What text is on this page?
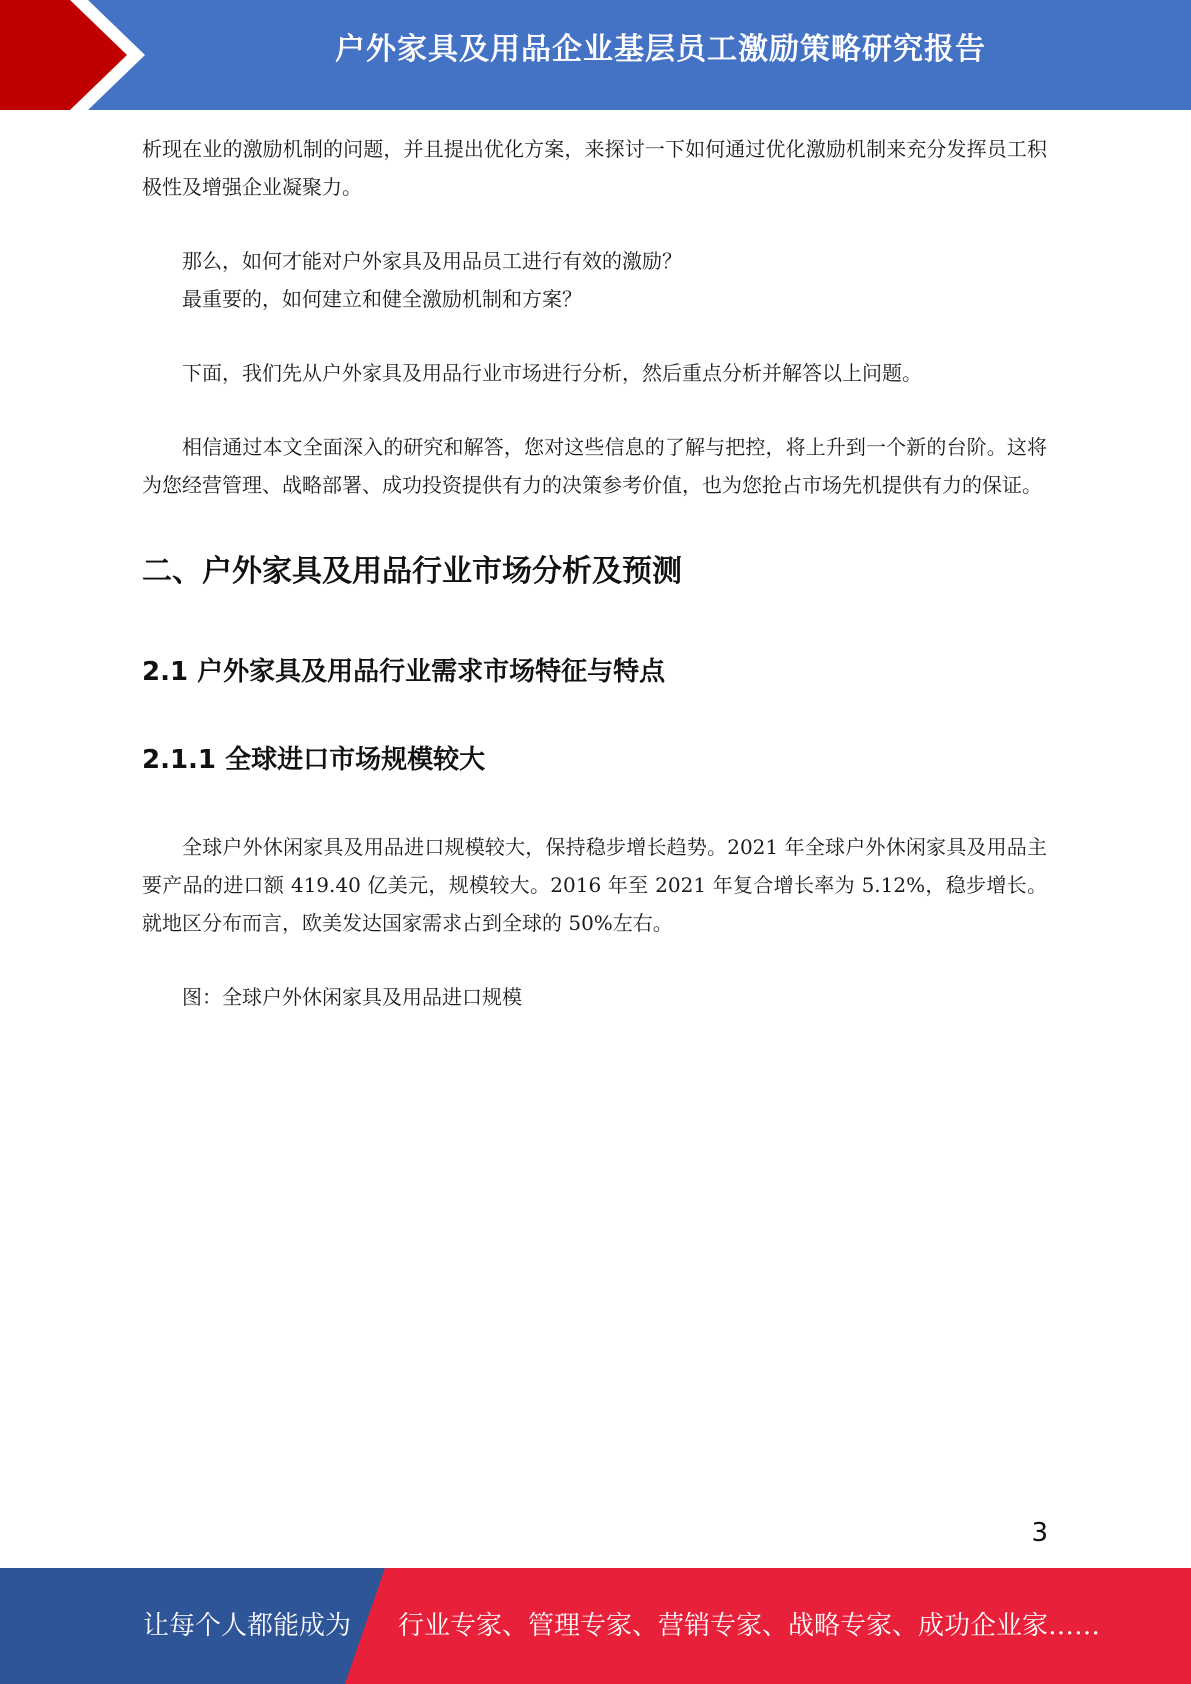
户外家具及用品企业基层员工激励策略研究报告

析现在业的激励机制的问题，并且提出优化方案，来探讨一下如何通过优化激励机制来充分发挥员工积极性及增强企业凝聚力。

那么，如何才能对户外家具及用品员工进行有效的激励？

最重要的，如何建立和健全激励机制和方案？

下面，我们先从户外家具及用品行业市场进行分析，然后重点分析并解答以上问题。

相信通过本文全面深入的研究和解答，您对这些信息的了解与把控，将上升到一个新的台阶。这将为您经营管理、战略部署、成功投资提供有力的决策参考价值，也为您抢占市场先机提供有力的保证。

二、户外家具及用品行业市场分析及预测
2.1 户外家具及用品行业需求市场特征与特点
2.1.1 全球进口市场规模较大

全球户外休闲家具及用品进口规模较大，保持稳步增长趋势。2021 年全球户外休闲家具及用品主要产品的进口额 419.40 亿美元，规模较大。2016 年至 2021 年复合增长率为 5.12%，稳步增长。就地区分布而言，欧美发达国家需求占到全球的 50%左右。

图：全球户外休闲家具及用品进口规模

3
让每个人都能成为 行业专家、管理专家、营销专家、战略专家、成功企业家……
